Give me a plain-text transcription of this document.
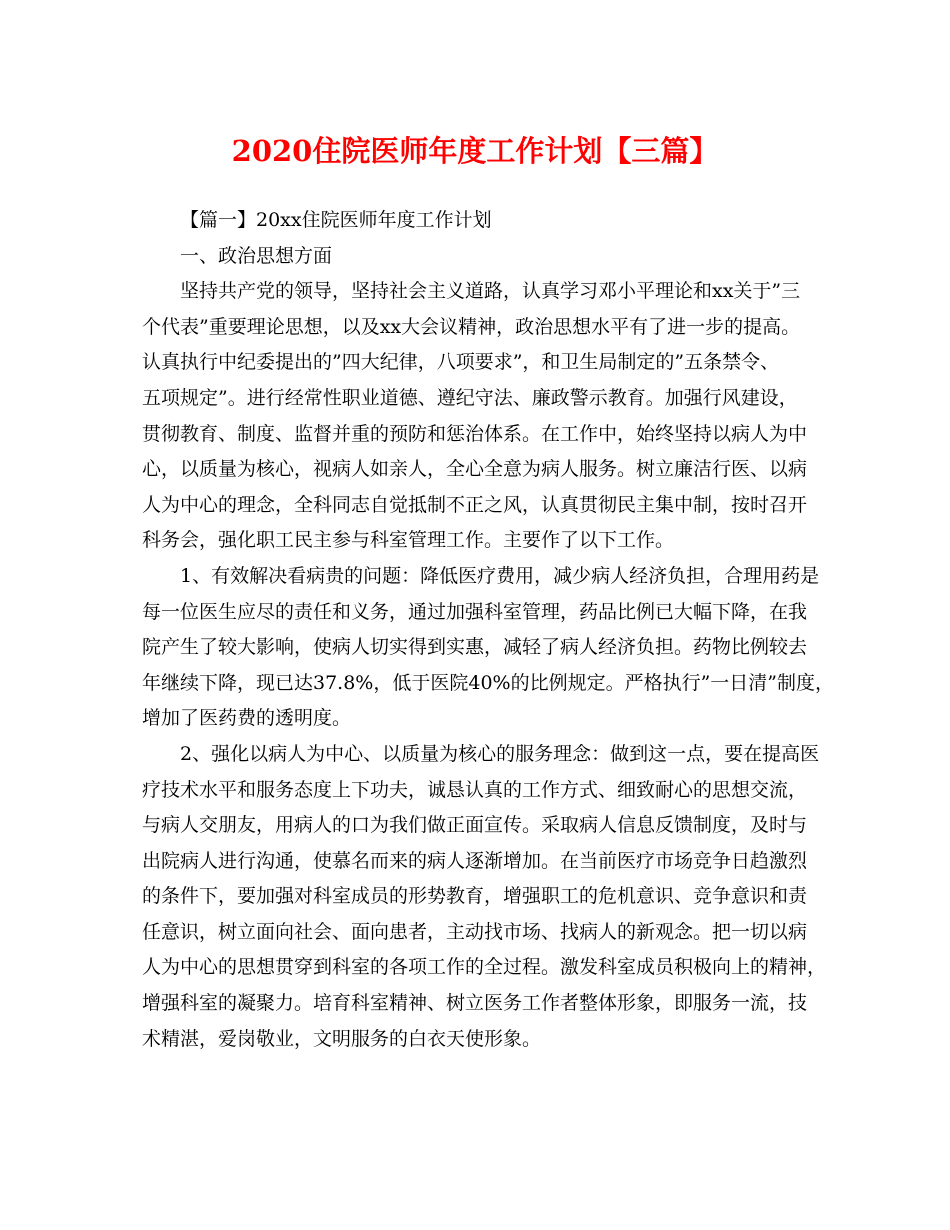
2020住院医师年度工作计划【三篇】
【篇一】20xx住院医师年度工作计划
一、政治思想方面
坚持共产党的领导，坚持社会主义道路，认真学习邓小平理论和xx关于”三
个代表”重要理论思想，以及xx大会议精神，政治思想水平有了进一步的提高。
认真执行中纪委提出的”四大纪律，八项要求”，和卫生局制定的”五条禁令、
五项规定”。进行经常性职业道德、遵纪守法、廉政警示教育。加强行风建设，
贯彻教育、制度、监督并重的预防和惩治体系。在工作中，始终坚持以病人为中
心，以质量为核心，视病人如亲人，全心全意为病人服务。树立廉洁行医、以病
人为中心的理念，全科同志自觉抵制不正之风，认真贯彻民主集中制，按时召开
科务会，强化职工民主参与科室管理工作。主要作了以下工作。
1、有效解决看病贵的问题：降低医疗费用，减少病人经济负担，合理用药是
每一位医生应尽的责任和义务，通过加强科室管理，药品比例已大幅下降，在我
院产生了较大影响，使病人切实得到实惠，减轻了病人经济负担。药物比例较去
年继续下降，现已达37.8%，低于医院40%的比例规定。严格执行”一日清”制度，
增加了医药费的透明度。
2、强化以病人为中心、以质量为核心的服务理念：做到这一点，要在提高医
疗技术水平和服务态度上下功夫，诚恳认真的工作方式、细致耐心的思想交流，
与病人交朋友，用病人的口为我们做正面宣传。采取病人信息反馈制度，及时与
出院病人进行沟通，使慕名而来的病人逐渐增加。在当前医疗市场竞争日趋激烈
的条件下，要加强对科室成员的形势教育，增强职工的危机意识、竞争意识和责
任意识，树立面向社会、面向患者，主动找市场、找病人的新观念。把一切以病
人为中心的思想贯穿到科室的各项工作的全过程。激发科室成员积极向上的精神，
增强科室的凝聚力。培育科室精神、树立医务工作者整体形象，即服务一流，技
术精湛，爱岗敬业，文明服务的白衣天使形象。
